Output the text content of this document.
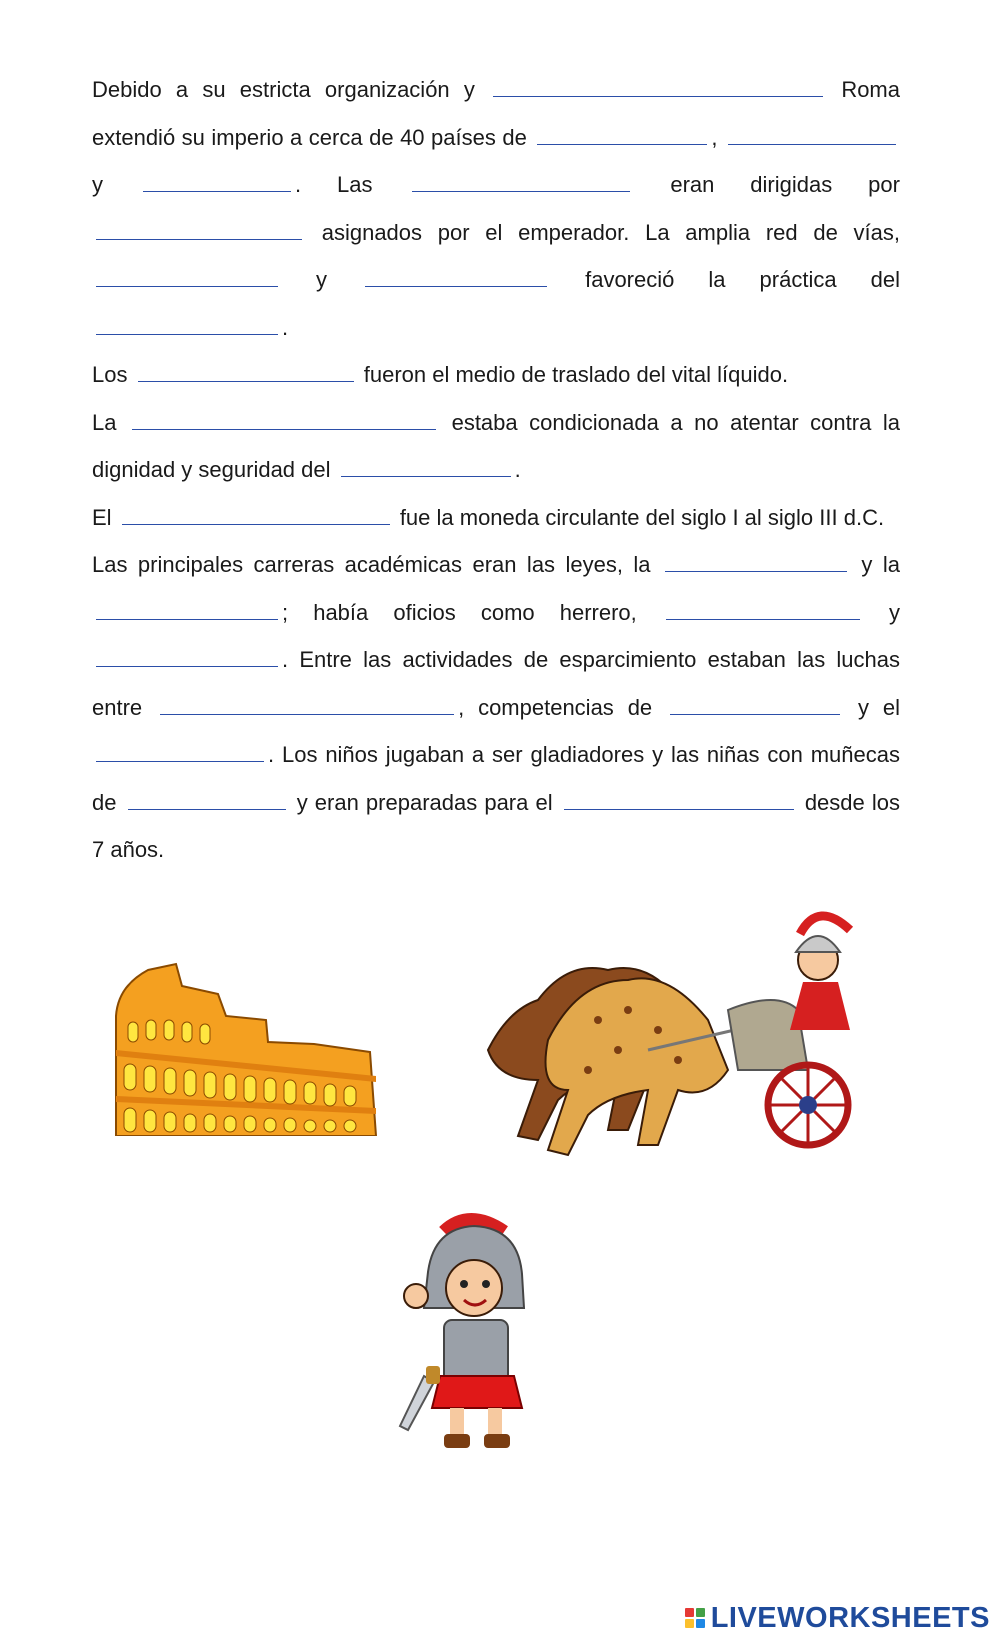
Debido a su estricta organización y	Roma extendió su imperio a cerca de 40 países de	,  y	. Las	eran dirigidas por  asignados por el emperador. La amplia red de vías,  y	favoreció la práctica del .

Los	fueron el medio de traslado del vital líquido.

La	estaba condicionada a no atentar contra la dignidad y seguridad del	.

El	fue la moneda circulante del siglo I al siglo III d.C.

Las principales carreras académicas eran las leyes, la	y la ; había oficios como herrero,	y . Entre las actividades de esparcimiento estaban las luchas entre	, competencias de	y el . Los niños jugaban a ser gladiadores y las niñas con muñecas de	y eran preparadas para el	desde los 7 años.

LIVEWORKSHEETS
